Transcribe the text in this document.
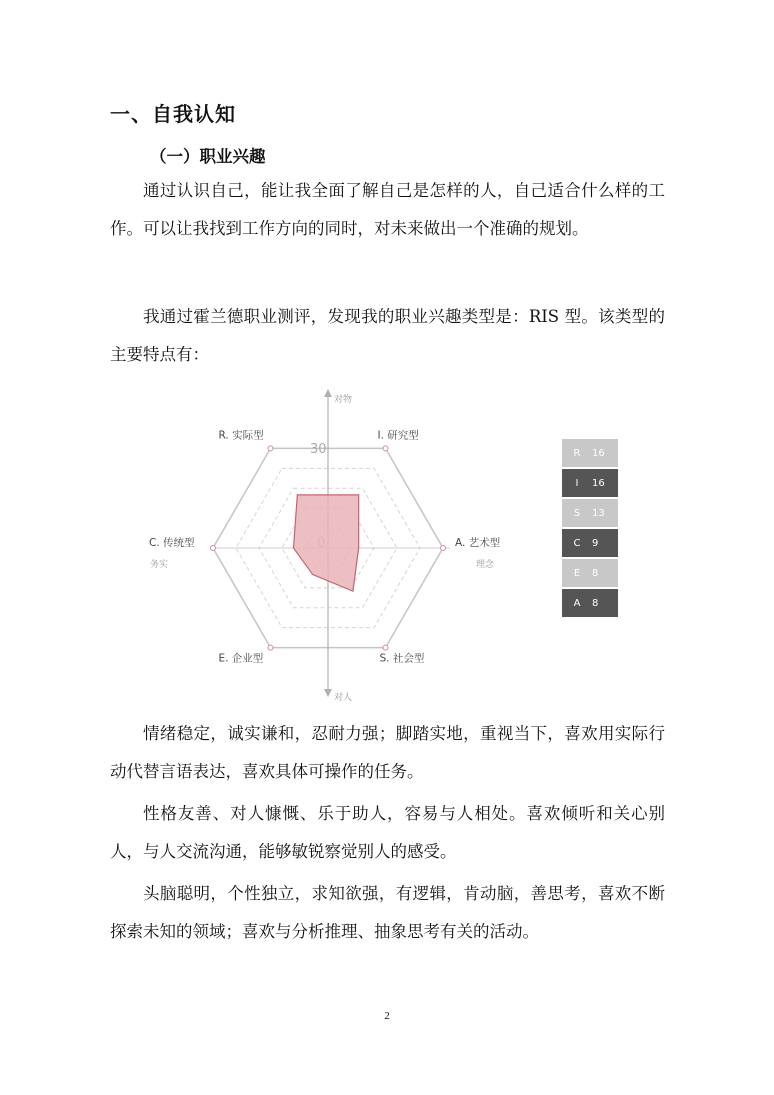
一、自我认知
（一）职业兴趣

通过认识自己，能让我全面了解自己是怎样的人，自己适合什么样的工作。可以让我找到工作方向的同时，对未来做出一个准确的规划。

我通过霍兰德职业测评，发现我的职业兴趣类型是：RIS 型。该类型的主要特点有：

对物
对人
务实	理念
30
R. 实际型	I. 研究型
A. 艺术型
S. 社会型
E. 企业型
C. 传统型
R	16
I	16
S	13
C	9
E	8
A	8

情绪稳定，诚实谦和，忍耐力强；脚踏实地，重视当下，喜欢用实际行动代替言语表达，喜欢具体可操作的任务。

性格友善、对人慷慨、乐于助人，容易与人相处。喜欢倾听和关心别人，与人交流沟通，能够敏锐察觉别人的感受。

头脑聪明，个性独立，求知欲强，有逻辑，肯动脑，善思考，喜欢不断探索未知的领域；喜欢与分析推理、抽象思考有关的活动。

2
